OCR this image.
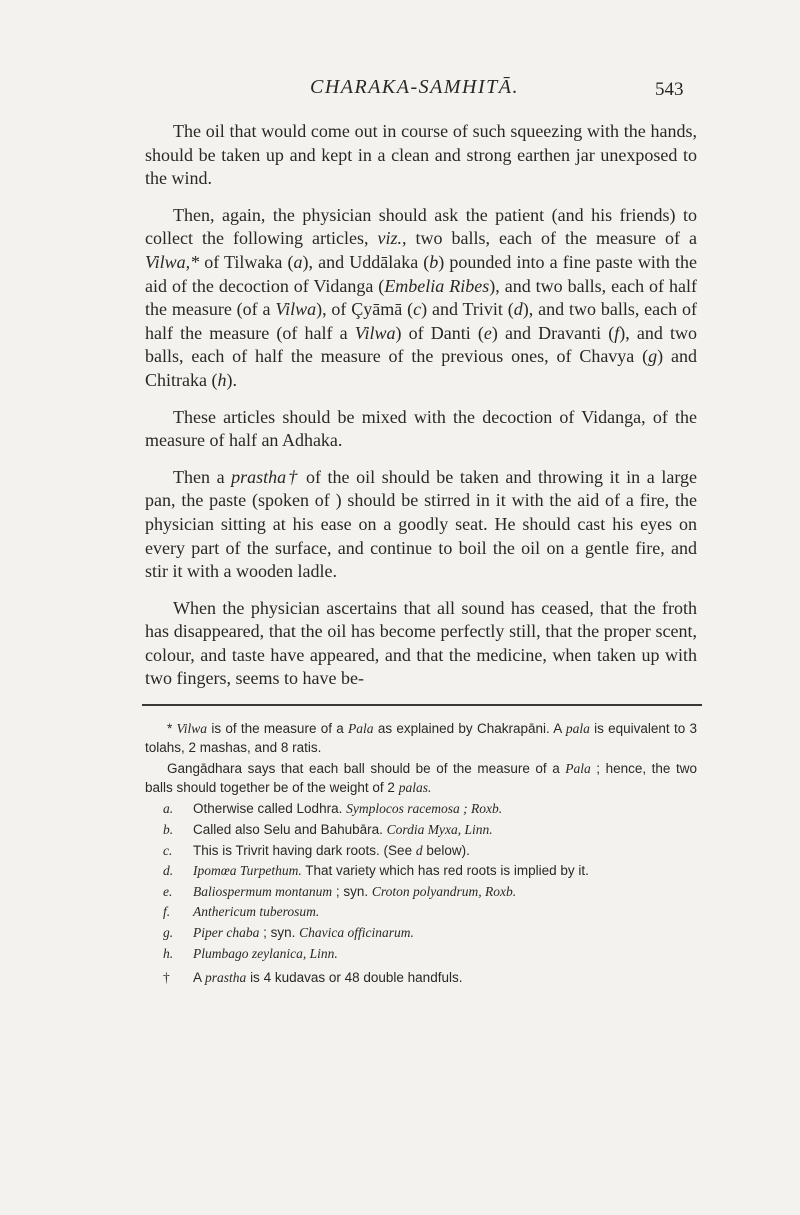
CHARAKA-SAMHITĀ.	543

The oil that would come out in course of such squeezing with the hands, should be taken up and kept in a clean and strong earthen jar unexposed to the wind.

Then, again, the physician should ask the patient (and his friends) to collect the following articles, viz., two balls, each of the measure of a Vilwa,* of Tilwaka (a), and Uddālaka (b) pounded into a fine paste with the aid of the decoction of Vidanga (Embelia Ribes), and two balls, each of half the measure (of a Vilwa), of Çyāmā (c) and Trivit (d), and two balls, each of half the measure (of half a Vilwa) of Danti (e) and Dravanti (f), and two balls, each of half the measure of the previous ones, of Chavya (g) and Chitraka (h).

These articles should be mixed with the decoction of Vidanga, of the measure of half an Adhaka.

Then a prastha† of the oil should be taken and throwing it in a large pan, the paste (spoken of ) should be stirred in it with the aid of a fire, the physician sitting at his ease on a goodly seat. He should cast his eyes on every part of the surface, and continue to boil the oil on a gentle fire, and stir it with a wooden ladle.

When the physician ascertains that all sound has ceased, that the froth has disappeared, that the oil has become perfectly still, that the proper scent, colour, and taste have appeared, and that the medicine, when taken up with two fingers, seems to have be-

* Vilwa is of the measure of a Pala as explained by Chakrapāni. A pala is equivalent to 3 tolahs, 2 mashas, and 8 ratis.

Gangādhara says that each ball should be of the measure of a Pala ; hence, the two balls should together be of the weight of 2 palas.

a. Otherwise called Lodhra. Symplocos racemosa ; Roxb.

b. Called also Selu and Bahubāra. Cordia Myxa, Linn.

c. This is Trivrit having dark roots. (See d below).

d. Ipomœa Turpethum. That variety which has red roots is implied by it.

e. Baliospermum montanum ; syn. Croton polyandrum, Roxb.

f. Anthericum tuberosum.

g. Piper chaba ; syn. Chavica officinarum.

h. Plumbago zeylanica, Linn.

† A prastha is 4 kudavas or 48 double handfuls.
